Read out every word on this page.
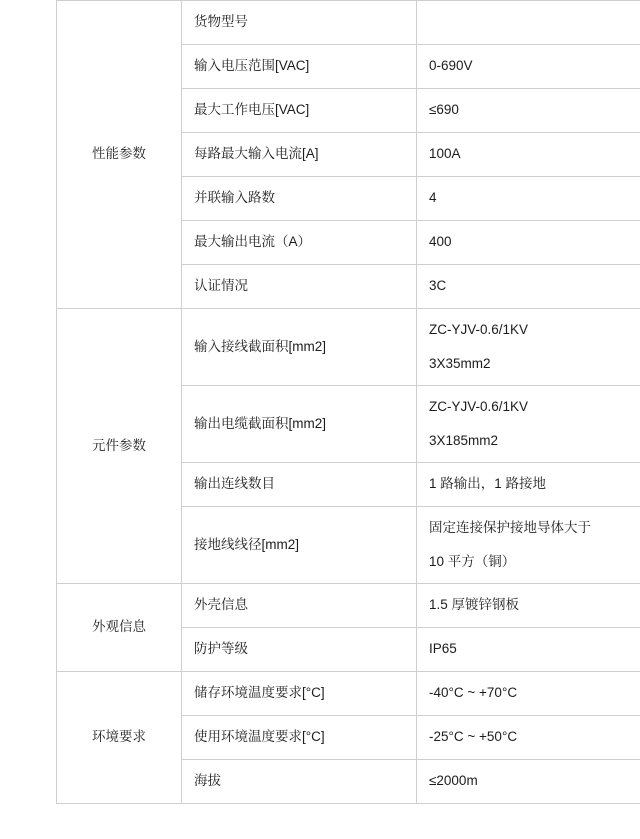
性能参数	货物型号	

	输入电压范围[VAC]	0-690V

	最大工作电压[VAC]	≤690

	每路最大输入电流[A]	100A

	并联输入路数	4

	最大输出电流（A）	400

	认证情况	3C

元件参数	输入接线截面积[mm2]	ZC-YJV-0.6/1KV
3X35mm2

	输出电缆截面积[mm2]	ZC-YJV-0.6/1KV
3X185mm2

	输出连线数目	1 路输出，1 路接地

	接地线线径[mm2]	固定连接保护接地导体大于
10 平方（铜）

外观信息	外壳信息	1.5 厚镀锌钢板

	防护等级	IP65

环境要求	储存环境温度要求[°C]	-40°C ~ +70°C

	使用环境温度要求[°C]	-25°C ~ +50°C

	海拔	≤2000m
